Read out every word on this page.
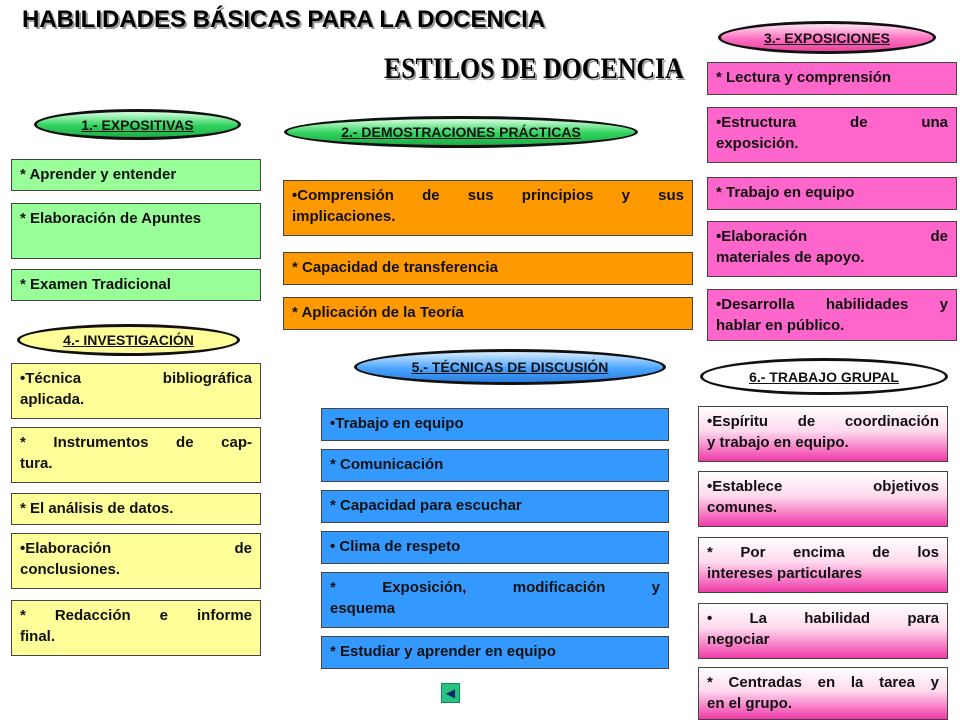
HABILIDADES BÁSICAS PARA LA DOCENCIA
ESTILOS DE DOCENCIA
1.- EXPOSITIVAS
* Aprender y entender
* Elaboración de Apuntes
* Examen Tradicional
2.- DEMOSTRACIONES PRÁCTICAS
•Comprensión de sus principios y sus
implicaciones.
* Capacidad de transferencia
* Aplicación de la Teoría
3.- EXPOSICIONES
* Lectura y comprensión
•Estructura de una
exposición.
* Trabajo en equipo
•Elaboración de
materiales de apoyo.
•Desarrolla habilidades y
hablar en público.
4.- INVESTIGACIÓN
•Técnica bibliográfica
aplicada.
* Instrumentos de cap-
tura.
* El análisis de datos.
•Elaboración de
conclusiones.
* Redacción e informe
final.
5.- TÉCNICAS DE DISCUSIÓN
•Trabajo en equipo
* Comunicación
* Capacidad para escuchar
• Clima de respeto
* Exposición, modificación y
esquema
* Estudiar y aprender en equipo
6.- TRABAJO GRUPAL
•Espíritu de coordinación
y trabajo en equipo.
•Establece objetivos
comunes.
* Por encima de los
intereses particulares
• La habilidad para
negociar
* Centradas en la tarea y
en el grupo.
◀
